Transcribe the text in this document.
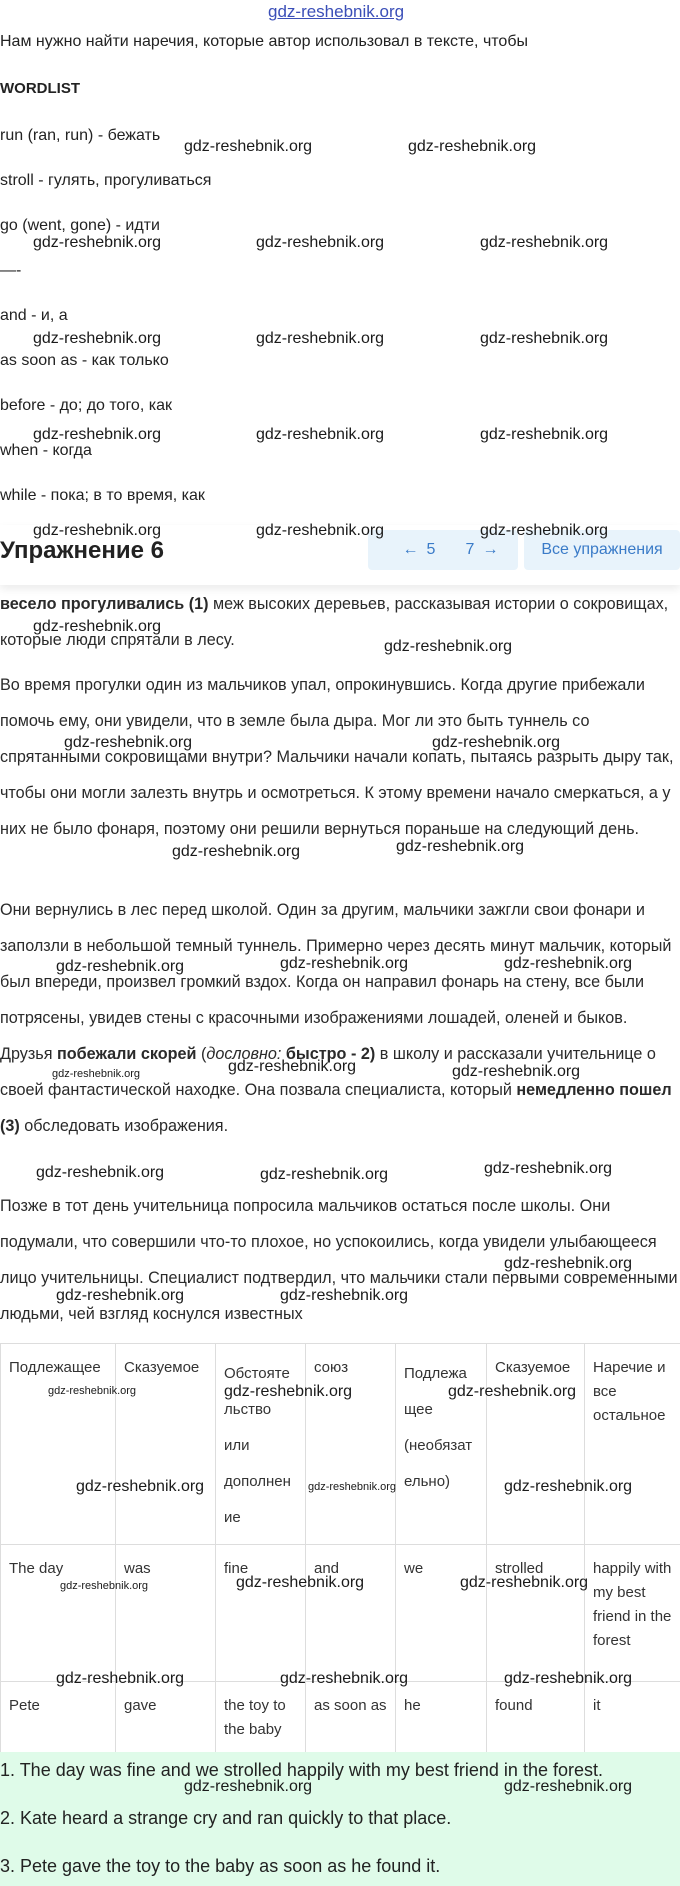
gdz-reshebnik.org

Нам нужно найти наречия, которые автор использовал в тексте, чтобы

WORDLIST

run (ran, run) - бежать

stroll - гулять, прогуливаться

go (went, gone) - идти

—-

and - и, а

as soon as - как только

before - до; до того, как

when - когда

while - пока; в то время, как

Упражнение 6	← 5 7 →	Все упражнения

весело прогуливались (1) меж высоких деревьев, рассказывая истории о сокровищах, которые люди спрятали в лесу.

Во время прогулки один из мальчиков упал, опрокинувшись. Когда другие прибежали помочь ему, они увидели, что в земле была дыра. Мог ли это быть туннель со спрятанными сокровищами внутри? Мальчики начали копать, пытаясь разрыть дыру так, чтобы они могли залезть внутрь и осмотреться. К этому времени начало смеркаться, а у них не было фонаря, поэтому они решили вернуться пораньше на следующий день.

Они вернулись в лес перед школой. Один за другим, мальчики зажгли свои фонари и заползли в небольшой темный туннель. Примерно через десять минут мальчик, который был впереди, произвел громкий вздох. Когда он направил фонарь на стену, все были потрясены, увидев стены с красочными изображениями лошадей, оленей и быков. Друзья побежали скорей (дословно: быстро - 2) в школу и рассказали учительнице о своей фантастической находке. Она позвала специалиста, который немедленно пошел (3) обследовать изображения.

Позже в тот день учительница попросила мальчиков остаться после школы. Они подумали, что совершили что-то плохое, но успокоились, когда увидели улыбающееся лицо учительницы. Специалист подтвердил, что мальчики стали первыми современными людьми, чей взгляд коснулся известных

Подлежащее	Сказуемое	Обстоятельство или дополнение	союз	Подлежащее (необязательно)	Сказуемое	Наречие и все остальное
The day	was	fine	and	we	strolled	happily with my best friend in the forest
Pete	gave	the toy to the baby	as soon as	he	found	it
1. The day was fine and we strolled happily with my best friend in the forest.
2. Kate heard a strange cry and ran quickly to that place.
3. Pete gave the toy to the baby as soon as he found it.
gdz-reshebnik.org	gdz-reshebnik.org
gdz-reshebnik.org	gdz-reshebnik.org	gdz-reshebnik.org
gdz-reshebnik.org	gdz-reshebnik.org	gdz-reshebnik.org
gdz-reshebnik.org	gdz-reshebnik.org	gdz-reshebnik.org
gdz-reshebnik.org	gdz-reshebnik.org	gdz-reshebnik.org
gdz-reshebnik.org
gdz-reshebnik.org
gdz-reshebnik.org	gdz-reshebnik.org
gdz-reshebnik.org	gdz-reshebnik.org
gdz-reshebnik.org	gdz-reshebnik.org	gdz-reshebnik.org
gdz-reshebnik.org	gdz-reshebnik.org	gdz-reshebnik.org
gdz-reshebnik.org	gdz-reshebnik.org	gdz-reshebnik.org
gdz-reshebnik.org
gdz-reshebnik.org	gdz-reshebnik.org
gdz-reshebnik.org	gdz-reshebnik.org	gdz-reshebnik.org
gdz-reshebnik.org	gdz-reshebnik.org	gdz-reshebnik.org
gdz-reshebnik.org	gdz-reshebnik.org	gdz-reshebnik.org
gdz-reshebnik.org	gdz-reshebnik.org	gdz-reshebnik.org
gdz-reshebnik.org	gdz-reshebnik.org
